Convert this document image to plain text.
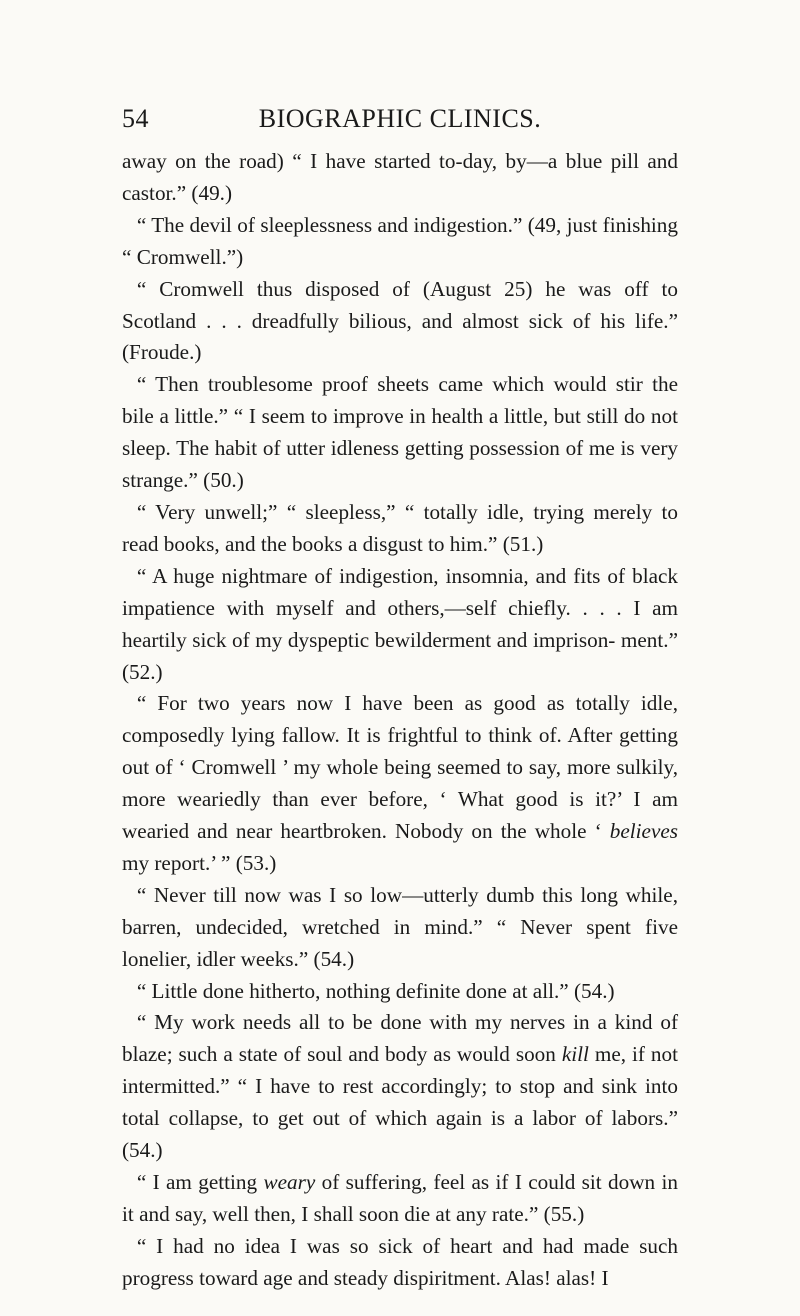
54	BIOGRAPHIC CLINICS.

away on the road) “ I have started to-day, by—a blue pill and castor.” (49.)

“ The devil of sleeplessness and indigestion.” (49, just finishing “ Cromwell.”)

“ Cromwell thus disposed of (August 25) he was off to Scotland . . . dreadfully bilious, and almost sick of his life.” (Froude.)

“ Then troublesome proof sheets came which would stir the bile a little.” “ I seem to improve in health a little, but still do not sleep. The habit of utter idleness getting possession of me is very strange.” (50.)

“ Very unwell;” “ sleepless,” “ totally idle, trying merely to read books, and the books a disgust to him.” (51.)

“ A huge nightmare of indigestion, insomnia, and fits of black impatience with myself and others,—self chiefly. . . . I am heartily sick of my dyspeptic bewilderment and imprison- ment.” (52.)

“ For two years now I have been as good as totally idle, composedly lying fallow. It is frightful to think of. After getting out of ‘ Cromwell ’ my whole being seemed to say, more sulkily, more weariedly than ever before, ‘ What good is it?’ I am wearied and near heartbroken. Nobody on the whole ‘ believes my report.’ ” (53.)

“ Never till now was I so low—utterly dumb this long while, barren, undecided, wretched in mind.” “ Never spent five lonelier, idler weeks.” (54.)

“ Little done hitherto, nothing definite done at all.” (54.)

“ My work needs all to be done with my nerves in a kind of blaze; such a state of soul and body as would soon kill me, if not intermitted.” “ I have to rest accordingly; to stop and sink into total collapse, to get out of which again is a labor of labors.” (54.)

“ I am getting weary of suffering, feel as if I could sit down in it and say, well then, I shall soon die at any rate.” (55.)

“ I had no idea I was so sick of heart and had made such progress toward age and steady dispiritment. Alas! alas! I
